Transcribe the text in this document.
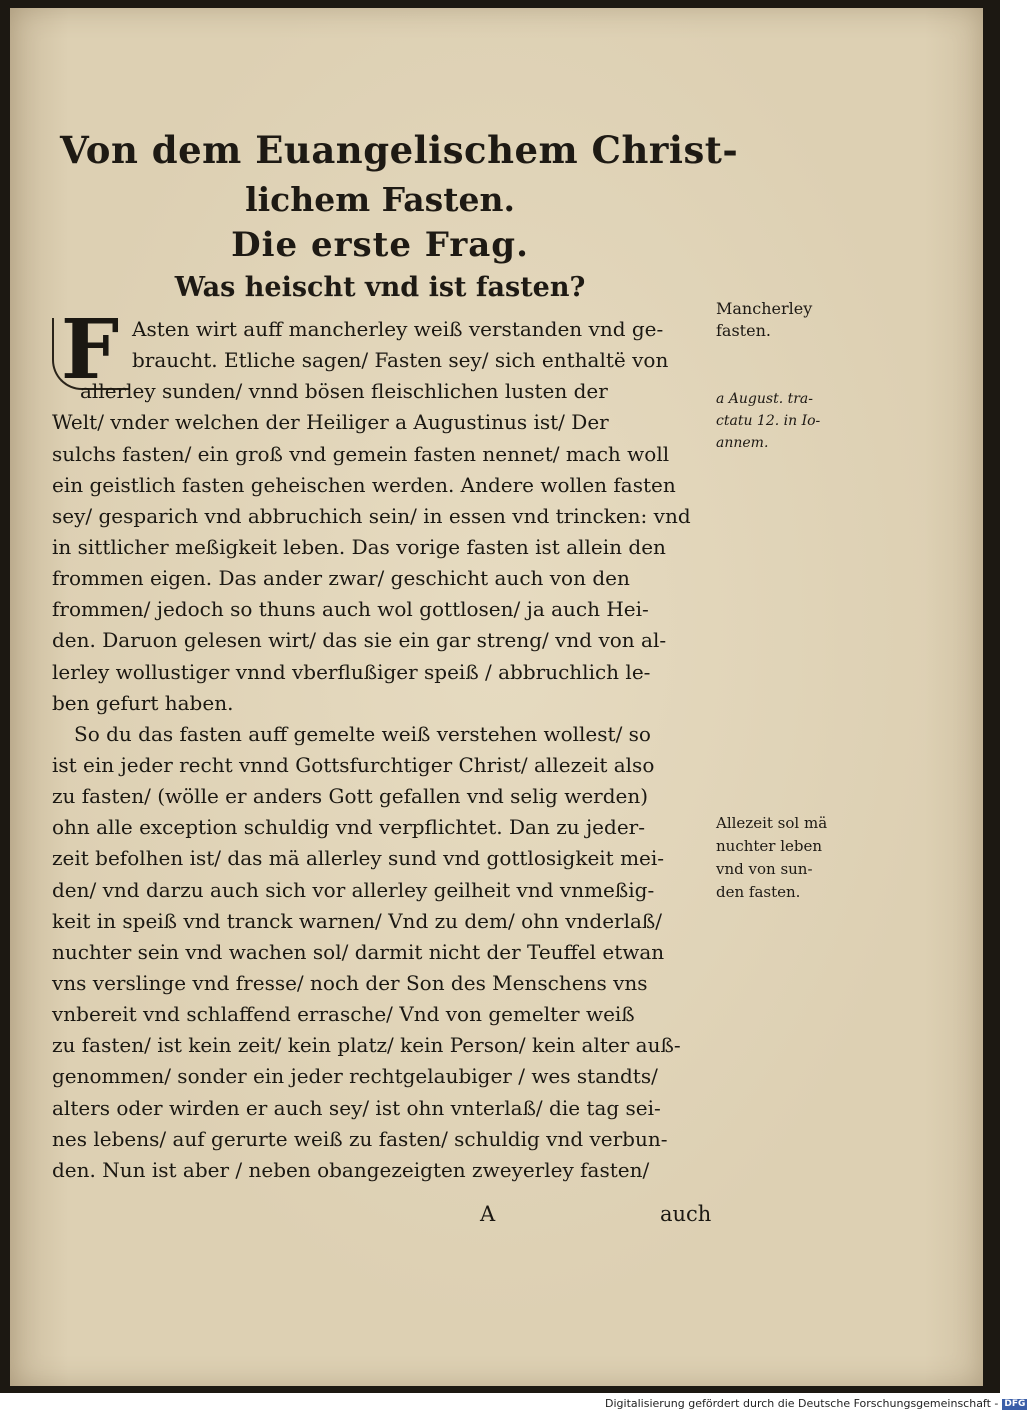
Von dem Euangelischem Christ-
lichem Fasten.
Die erste Frag.
Was heischt vnd ist fasten?
F Asten wirt auff mancherley weiß verstanden vnd ge-
braucht. Etliche sagen/ Fasten sey/ sich enthaltë von
allerley sunden/ vnnd bösen fleischlichen lusten der
Welt/ vnder welchen der Heiliger a Augustinus ist/ Der
sulchs fasten/ ein groß vnd gemein fasten nennet/ mach woll
ein geistlich fasten geheischen werden. Andere wollen fasten
sey/ gesparich vnd abbruchich sein/ in essen vnd trincken: vnd
in sittlicher meßigkeit leben. Das vorige fasten ist allein den
frommen eigen. Das ander zwar/ geschicht auch von den
frommen/ jedoch so thuns auch wol gottlosen/ ja auch Hei-
den. Daruon gelesen wirt/ das sie ein gar streng/ vnd von al-
lerley wollustiger vnnd vberflußiger speiß / abbruchlich le-
ben gefurt haben.
So du das fasten auff gemelte weiß verstehen wollest/ so
ist ein jeder recht vnnd Gottsfurchtiger Christ/ allezeit also
zu fasten/ (wölle er anders Gott gefallen vnd selig werden)
ohn alle exception schuldig vnd verpflichtet. Dan zu jeder-
zeit befolhen ist/ das mä allerley sund vnd gottlosigkeit mei-
den/ vnd darzu auch sich vor allerley geilheit vnd vnmeßig-
keit in speiß vnd tranck warnen/ Vnd zu dem/ ohn vnderlaß/
nuchter sein vnd wachen sol/ darmit nicht der Teuffel etwan
vns verslinge vnd fresse/ noch der Son des Menschens vns
vnbereit vnd schlaffend errasche/ Vnd von gemelter weiß
zu fasten/ ist kein zeit/ kein platz/ kein Person/ kein alter auß-
genommen/ sonder ein jeder rechtgelaubiger / wes standts/
alters oder wirden er auch sey/ ist ohn vnterlaß/ die tag sei-
nes lebens/ auf gerurte weiß zu fasten/ schuldig vnd verbun-
den. Nun ist aber / neben obangezeigten zweyerley fasten/
A	auch
Mancherley
fasten.
a August. tra-
ctatu 12. in Io-
annem.
Allezeit sol mä
nuchter leben
vnd von sun-
den fasten.
Digitalisierung gefördert durch die Deutsche Forschungsgemeinschaft - DFG
